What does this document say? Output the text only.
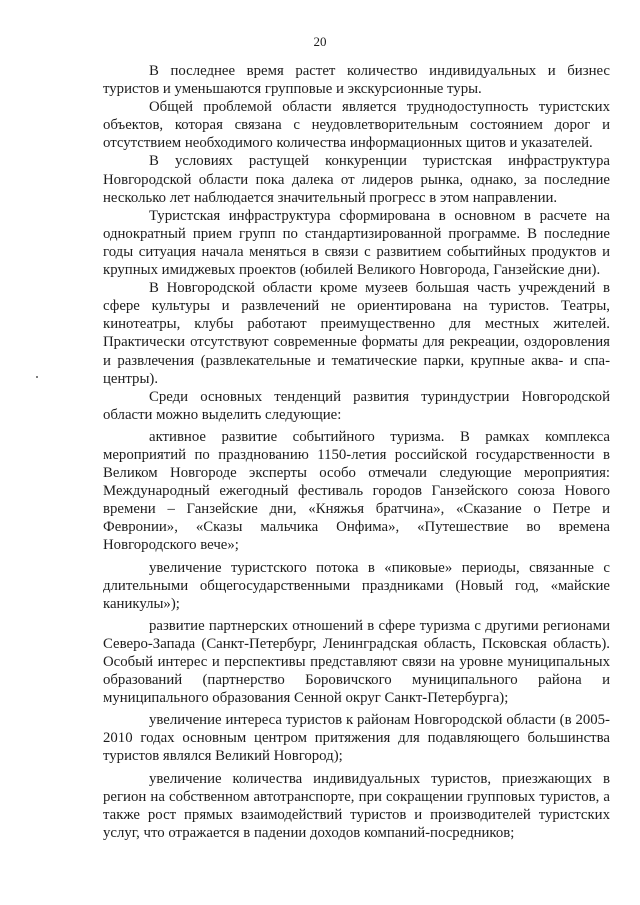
20

В последнее время растет количество индивидуальных и бизнес туристов и уменьшаются групповые и экскурсионные туры.

Общей проблемой области является труднодоступность туристских объектов, которая связана с неудовлетворительным состоянием дорог и отсутствием необходимого количества информационных щитов и указателей.

В условиях растущей конкуренции туристская инфраструктура Новгородской области пока далека от лидеров рынка, однако, за последние несколько лет наблюдается значительный прогресс в этом направлении.

Туристская инфраструктура сформирована в основном в расчете на однократный прием групп по стандартизированной программе. В последние годы ситуация начала меняться в связи с развитием событийных продуктов и крупных имиджевых проектов (юбилей Великого Новгорода, Ганзейские дни).

В Новгородской области кроме музеев большая часть учреждений в сфере культуры и развлечений не ориентирована на туристов. Театры, кинотеатры, клубы работают преимущественно для местных жителей. Практически отсутствуют современные форматы для рекреации, оздоровления и развлечения (развлекательные и тематические парки, крупные аква- и спа-центры).

Среди основных тенденций развития туриндустрии Новгородской области можно выделить следующие:

активное развитие событийного туризма. В рамках комплекса мероприятий по празднованию 1150-летия российской государственности в Великом Новгороде эксперты особо отмечали следующие мероприятия: Международный ежегодный фестиваль городов Ганзейского союза Нового времени – Ганзейские дни, «Княжья братчина», «Сказание о Петре и Февронии», «Сказы мальчика Онфима», «Путешествие во времена Новгородского вече»;

увеличение туристского потока в «пиковые» периоды, связанные с длительными общегосударственными праздниками (Новый год, «майские каникулы»);

развитие партнерских отношений в сфере туризма с другими регионами Северо-Запада (Санкт-Петербург, Ленинградская область, Псковская область). Особый интерес и перспективы представляют связи на уровне муниципальных образований (партнерство Боровичского муниципального района и муниципального образования Сенной округ Санкт-Петербурга);

увеличение интереса туристов к районам Новгородской области (в 2005-2010 годах основным центром притяжения для подавляющего большинства туристов являлся Великий Новгород);

увеличение количества индивидуальных туристов, приезжающих в регион на собственном автотранспорте, при сокращении групповых туристов, а также рост прямых взаимодействий туристов и производителей туристских услуг, что отражается в падении доходов компаний-посредников;
